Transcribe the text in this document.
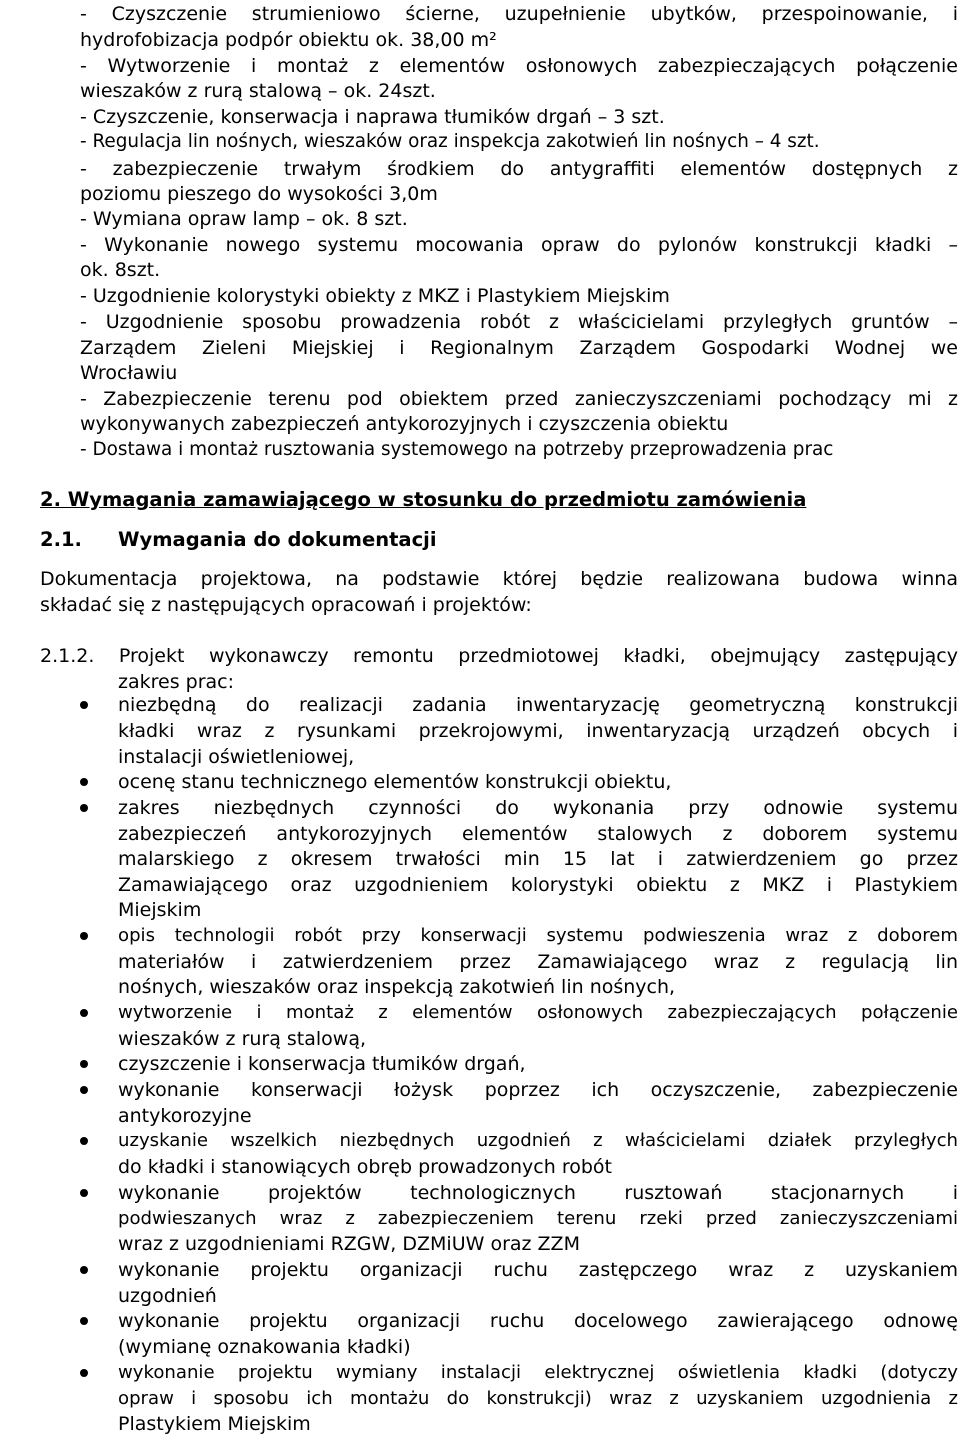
- Czyszczenie strumieniowo ścierne, uzupełnienie ubytków, przespoinowanie, i
hydrofobizacja podpór obiektu ok. 38,00 m²
- Wytworzenie i montaż z elementów osłonowych zabezpieczających połączenie
wieszaków z rurą stalową – ok. 24szt.
- Czyszczenie, konserwacja i naprawa tłumików drgań – 3 szt.
- Regulacja lin nośnych, wieszaków oraz inspekcja zakotwień lin nośnych – 4 szt.
- zabezpieczenie trwałym środkiem do antygraffiti elementów dostępnych z
poziomu pieszego do wysokości 3,0m
- Wymiana opraw lamp – ok. 8 szt.
- Wykonanie nowego systemu mocowania opraw do pylonów konstrukcji kładki –
ok. 8szt.
- Uzgodnienie kolorystyki obiekty z MKZ i Plastykiem Miejskim
- Uzgodnienie sposobu prowadzenia robót z właścicielami przyległych gruntów –
Zarządem Zieleni Miejskiej i Regionalnym Zarządem Gospodarki Wodnej we
Wrocławiu
- Zabezpieczenie terenu pod obiektem przed zanieczyszczeniami pochodzący mi z
wykonywanych zabezpieczeń antykorozyjnych i czyszczenia obiektu
- Dostawa i montaż rusztowania systemowego na potrzeby przeprowadzenia prac
2. Wymagania zamawiającego w stosunku do przedmiotu zamówienia
2.1.	Wymagania do dokumentacji
Dokumentacja projektowa, na podstawie której będzie realizowana budowa winna
składać się z następujących opracowań i projektów:
2.1.2. Projekt wykonawczy remontu przedmiotowej kładki, obejmujący zastępujący
zakres prac:
niezbędną do realizacji zadania inwentaryzację geometryczną konstrukcji
kładki wraz z rysunkami przekrojowymi, inwentaryzacją urządzeń obcych i
instalacji oświetleniowej,
ocenę stanu technicznego elementów konstrukcji obiektu,
zakres niezbędnych czynności do wykonania przy odnowie systemu
zabezpieczeń antykorozyjnych elementów stalowych z doborem systemu
malarskiego z okresem trwałości min 15 lat i zatwierdzeniem go przez
Zamawiającego oraz uzgodnieniem kolorystyki obiektu z MKZ i Plastykiem
Miejskim
opis technologii robót przy konserwacji systemu podwieszenia wraz z doborem
materiałów i zatwierdzeniem przez Zamawiającego wraz z regulacją lin
nośnych, wieszaków oraz inspekcją zakotwień lin nośnych,
wytworzenie i montaż z elementów osłonowych zabezpieczających połączenie
wieszaków z rurą stalową,
czyszczenie i konserwacja tłumików drgań,
wykonanie konserwacji łożysk poprzez ich oczyszczenie, zabezpieczenie
antykorozyjne
uzyskanie wszelkich niezbędnych uzgodnień z właścicielami działek przyległych
do kładki i stanowiących obręb prowadzonych robót
wykonanie projektów technologicznych rusztowań stacjonarnych i
podwieszanych wraz z zabezpieczeniem terenu rzeki przed zanieczyszczeniami
wraz z uzgodnieniami RZGW, DZMiUW oraz ZZM
wykonanie projektu organizacji ruchu zastępczego wraz z uzyskaniem
uzgodnień
wykonanie projektu organizacji ruchu docelowego zawierającego odnowę
(wymianę oznakowania kładki)
wykonanie projektu wymiany instalacji elektrycznej oświetlenia kładki (dotyczy
opraw i sposobu ich montażu do konstrukcji) wraz z uzyskaniem uzgodnienia z
Plastykiem Miejskim
